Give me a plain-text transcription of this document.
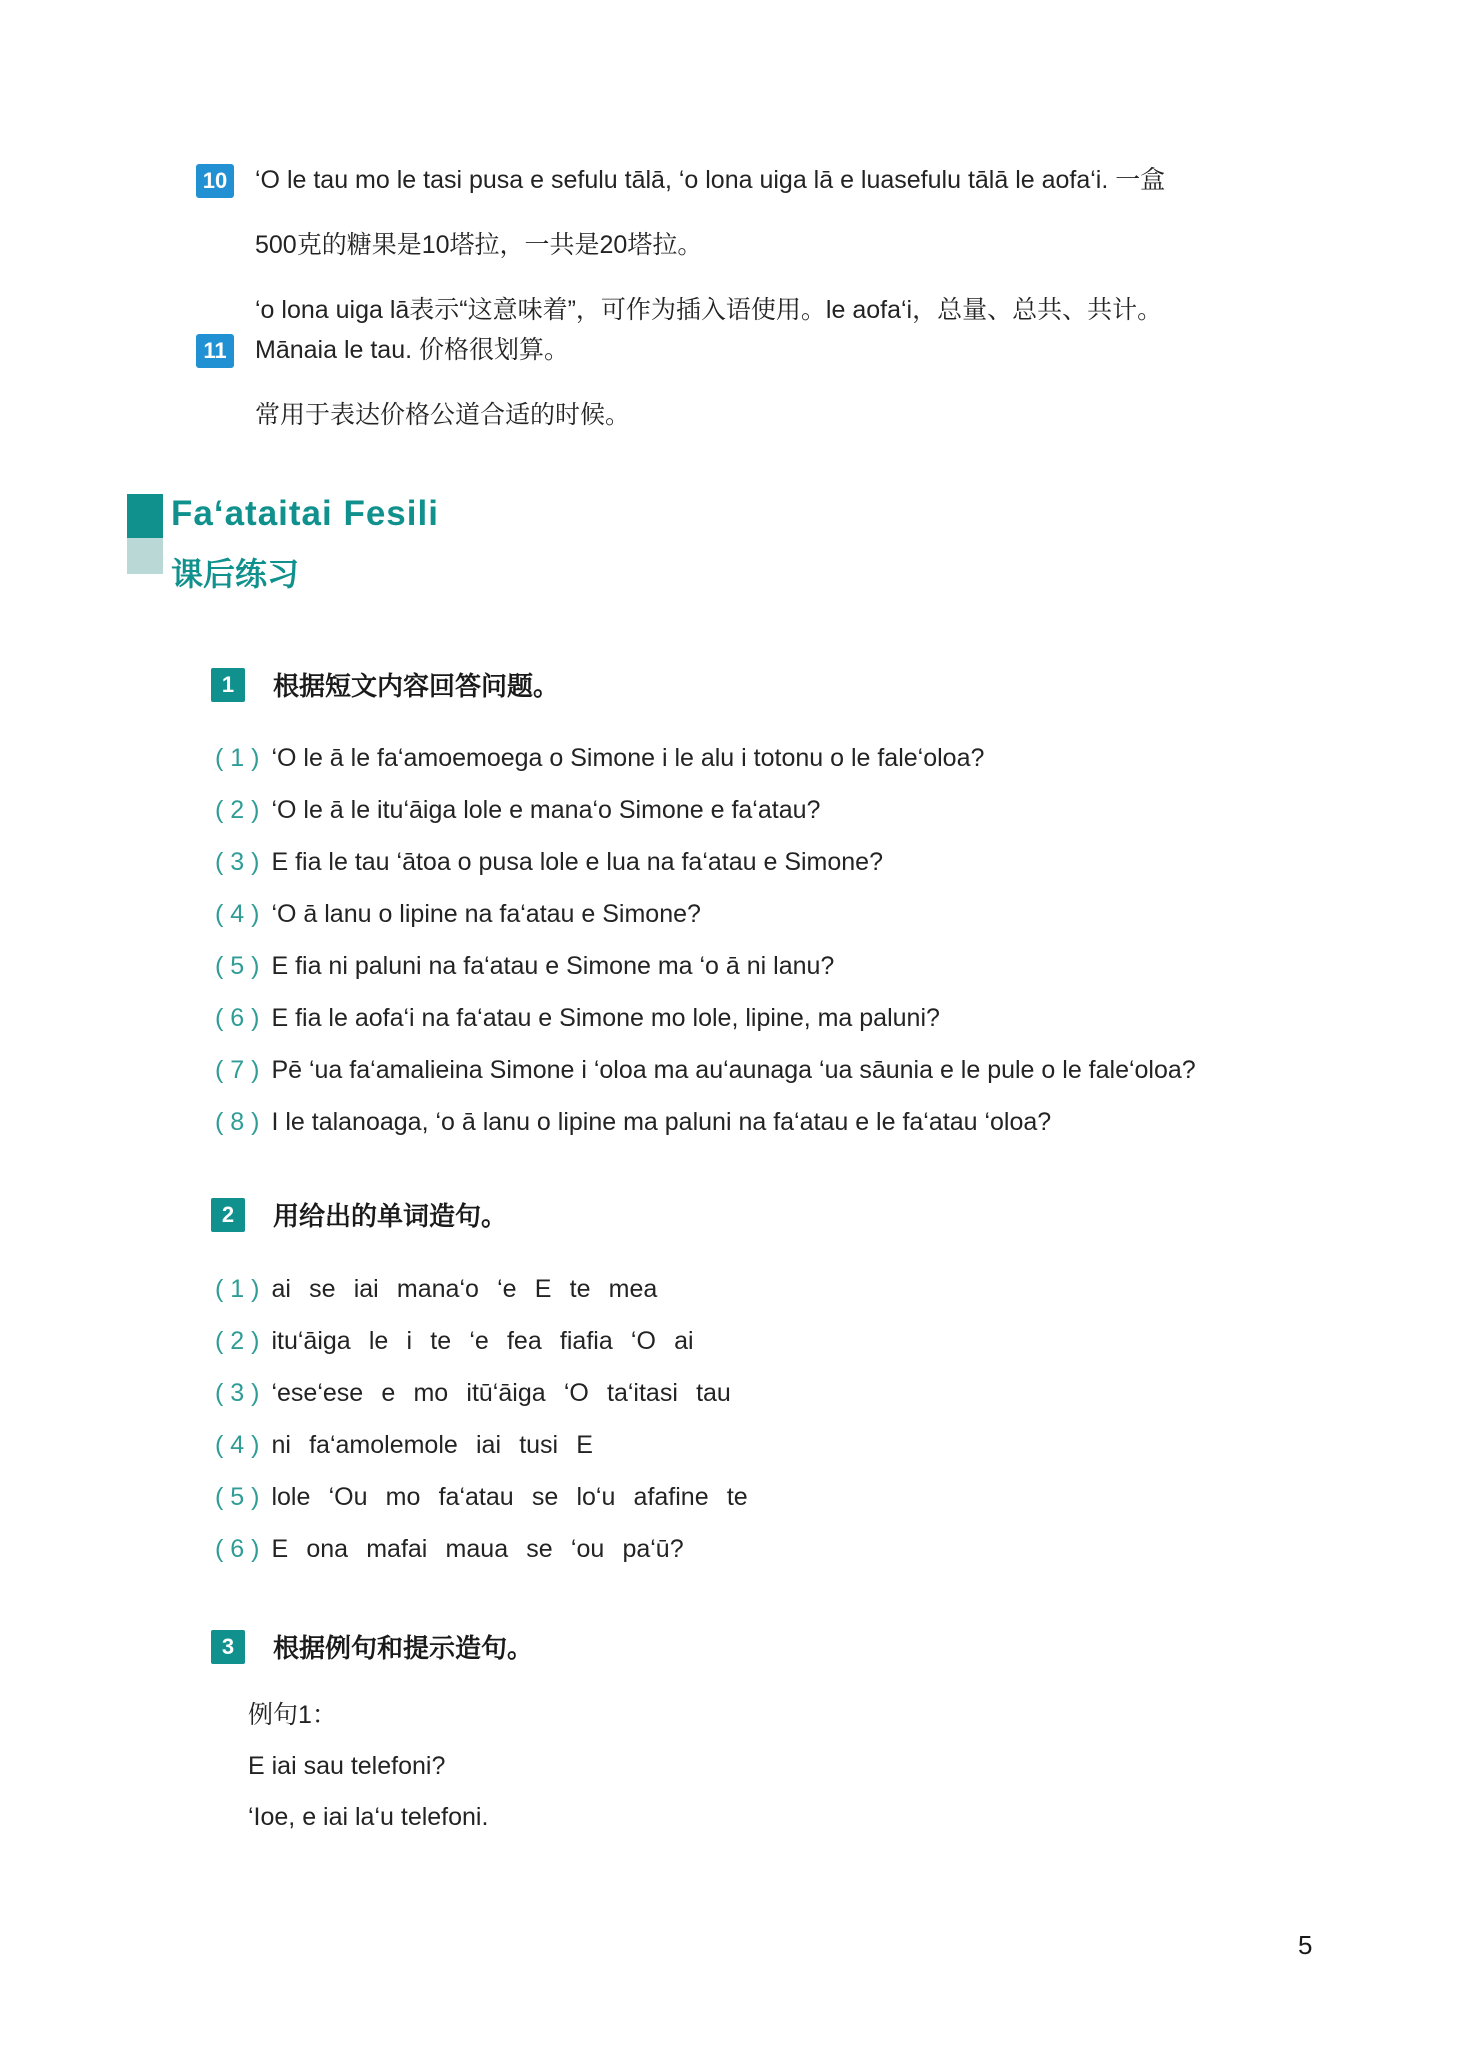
10 ‘O le tau mo le tasi pusa e sefulu tālā, ‘o lona uiga lā e luasefulu tālā le aofa‘i. 一盒
500克的糖果是10塔拉，一共是20塔拉。
‘o lona uiga lā表示“这意味着”，可作为插入语使用。le aofa‘i，总量、总共、共计。
11 Mānaia le tau. 价格很划算。
常用于表达价格公道合适的时候。
Fa‘ataitai Fesili
课后练习
1	根据短文内容回答问题。
( 1 ) ‘O le ā le fa‘amoemoega o Simone i le alu i totonu o le fale‘oloa?
( 2 ) ‘O le ā le itu‘āiga lole e mana‘o Simone e fa‘atau?
( 3 ) E fia le tau ‘ātoa o pusa lole e lua na fa‘atau e Simone?
( 4 ) ‘O ā lanu o lipine na fa‘atau e Simone?
( 5 ) E fia ni paluni na fa‘atau e Simone ma ‘o ā ni lanu?
( 6 ) E fia le aofa‘i na fa‘atau e Simone mo lole, lipine, ma paluni?
( 7 ) Pē ‘ua fa‘amalieina Simone i ‘oloa ma au‘aunaga ‘ua sāunia e le pule o le fale‘oloa?
( 8 ) I le talanoaga, ‘o ā lanu o lipine ma paluni na fa‘atau e le fa‘atau ‘oloa?
2	用给出的单词造句。
( 1 ) ai se iai mana‘o ‘e E te mea
( 2 ) itu‘āiga le i te ‘e fea fiafia ‘O ai
( 3 ) ‘ese‘ese e mo itū‘āiga ‘O ta‘itasi tau
( 4 ) ni fa‘amolemole iai tusi E
( 5 ) lole ‘Ou mo fa‘atau se lo‘u afafine te
( 6 ) E ona mafai maua se ‘ou pa‘ū?
3	根据例句和提示造句。
例句1：
E iai sau telefoni?
‘Ioe, e iai la‘u telefoni.
5
